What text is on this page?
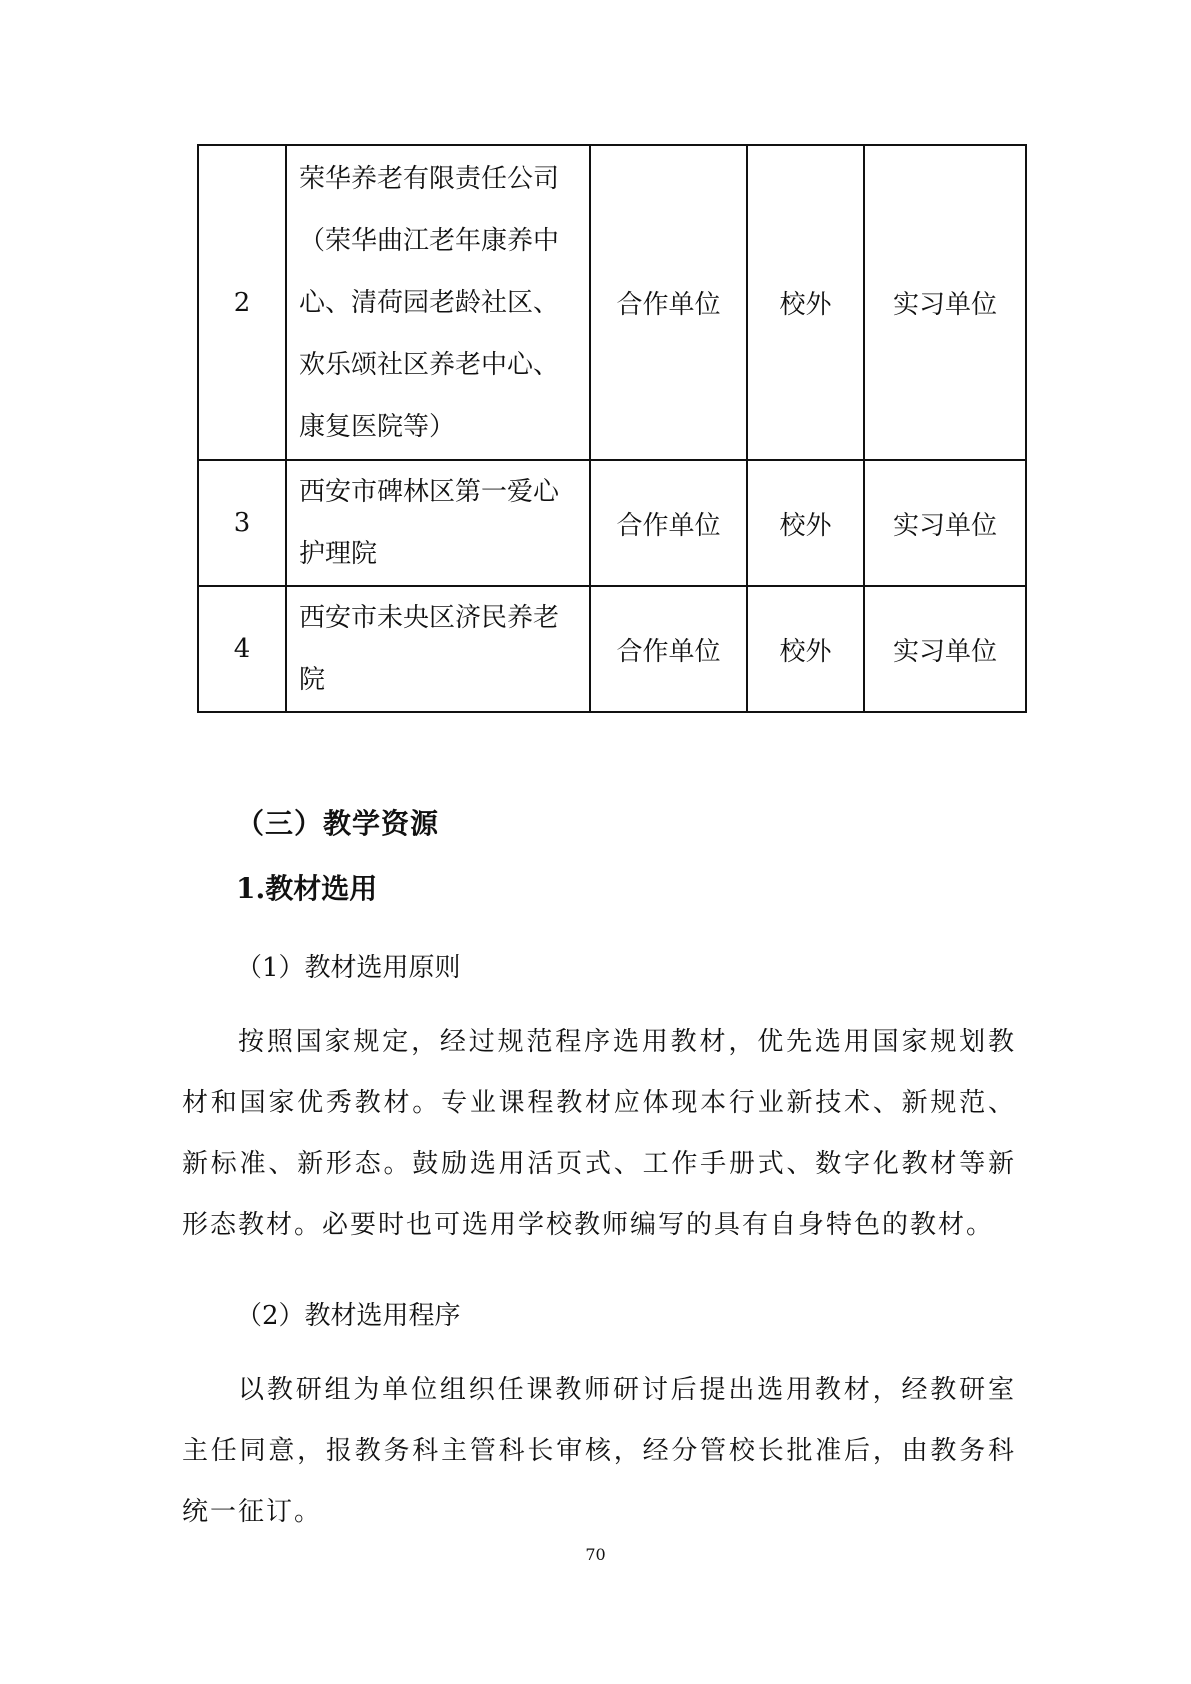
2	荣华养老有限责任公司（荣华曲江老年康养中心、清荷园老龄社区、欢乐颂社区养老中心、康复医院等）	合作单位	校外	实习单位
3	西安市碑林区第一爱心护理院	合作单位	校外	实习单位
4	西安市未央区济民养老院	合作单位	校外	实习单位
（三）教学资源
1.教材选用
（1）教材选用原则
按照国家规定，经过规范程序选用教材，优先选用国家规划教材和国家优秀教材。专业课程教材应体现本行业新技术、新规范、新标准、新形态。鼓励选用活页式、工作手册式、数字化教材等新形态教材。必要时也可选用学校教师编写的具有自身特色的教材。
（2）教材选用程序
以教研组为单位组织任课教师研讨后提出选用教材，经教研室主任同意，报教务科主管科长审核，经分管校长批准后，由教务科统一征订。
70
